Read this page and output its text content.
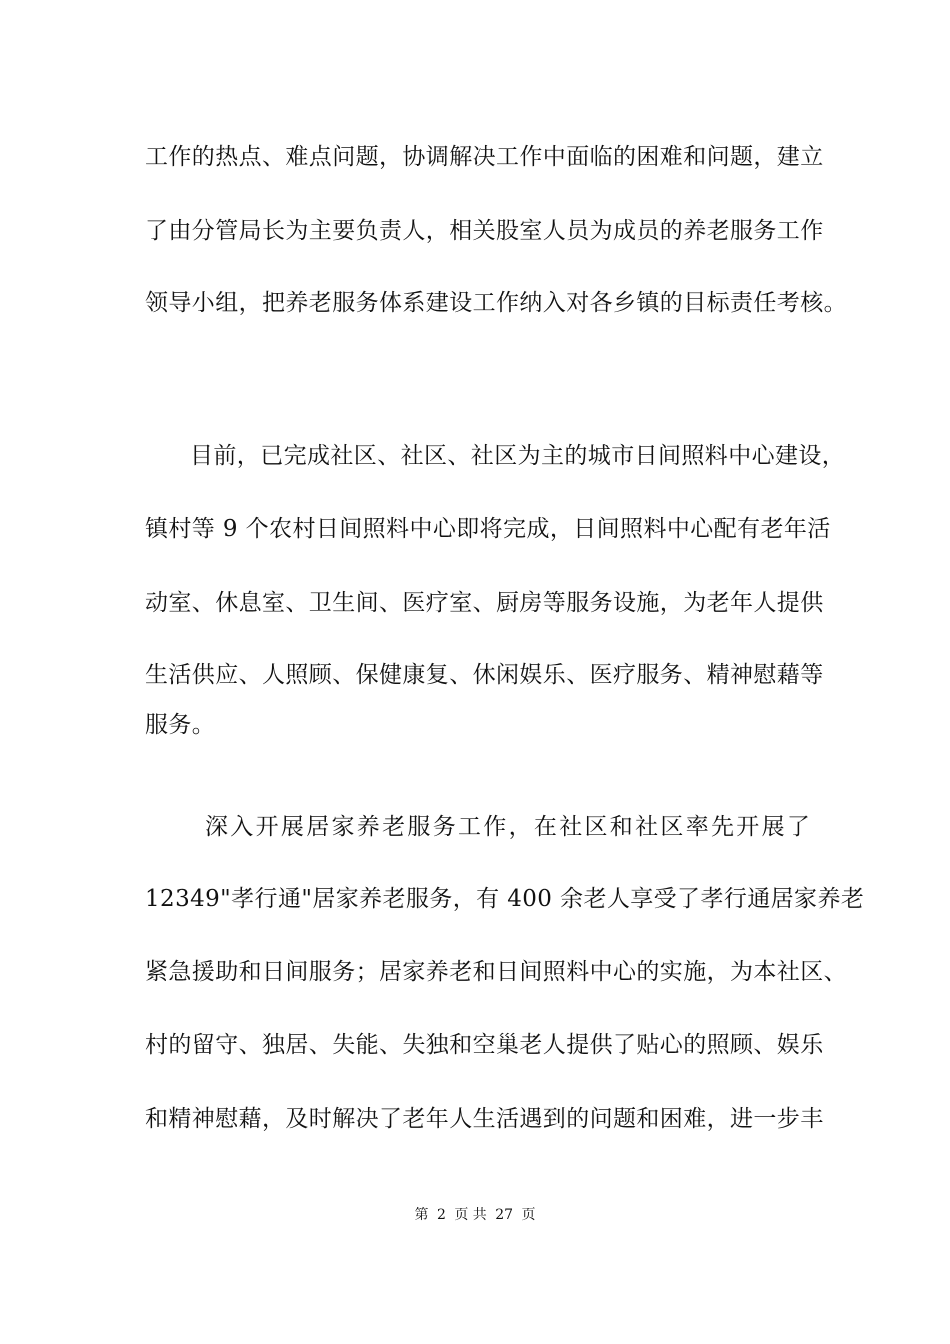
工作的热点、难点问题，协调解决工作中面临的困难和问题，建立
了由分管局长为主要负责人，相关股室人员为成员的养老服务工作
领导小组，把养老服务体系建设工作纳入对各乡镇的目标责任考核。
目前，已完成社区、社区、社区为主的城市日间照料中心建设，
镇村等 9 个农村日间照料中心即将完成，日间照料中心配有老年活
动室、休息室、卫生间、医疗室、厨房等服务设施，为老年人提供
生活供应、人照顾、保健康复、休闲娱乐、医疗服务、精神慰藉等
服务。
深入开展居家养老服务工作，在社区和社区率先开展了
12349"孝行通"居家养老服务，有 400 余老人享受了孝行通居家养老
紧急援助和日间服务；居家养老和日间照料中心的实施，为本社区、
村的留守、独居、失能、失独和空巢老人提供了贴心的照顾、娱乐
和精神慰藉，及时解决了老年人生活遇到的问题和困难，进一步丰
第 2 页 共 27 页
